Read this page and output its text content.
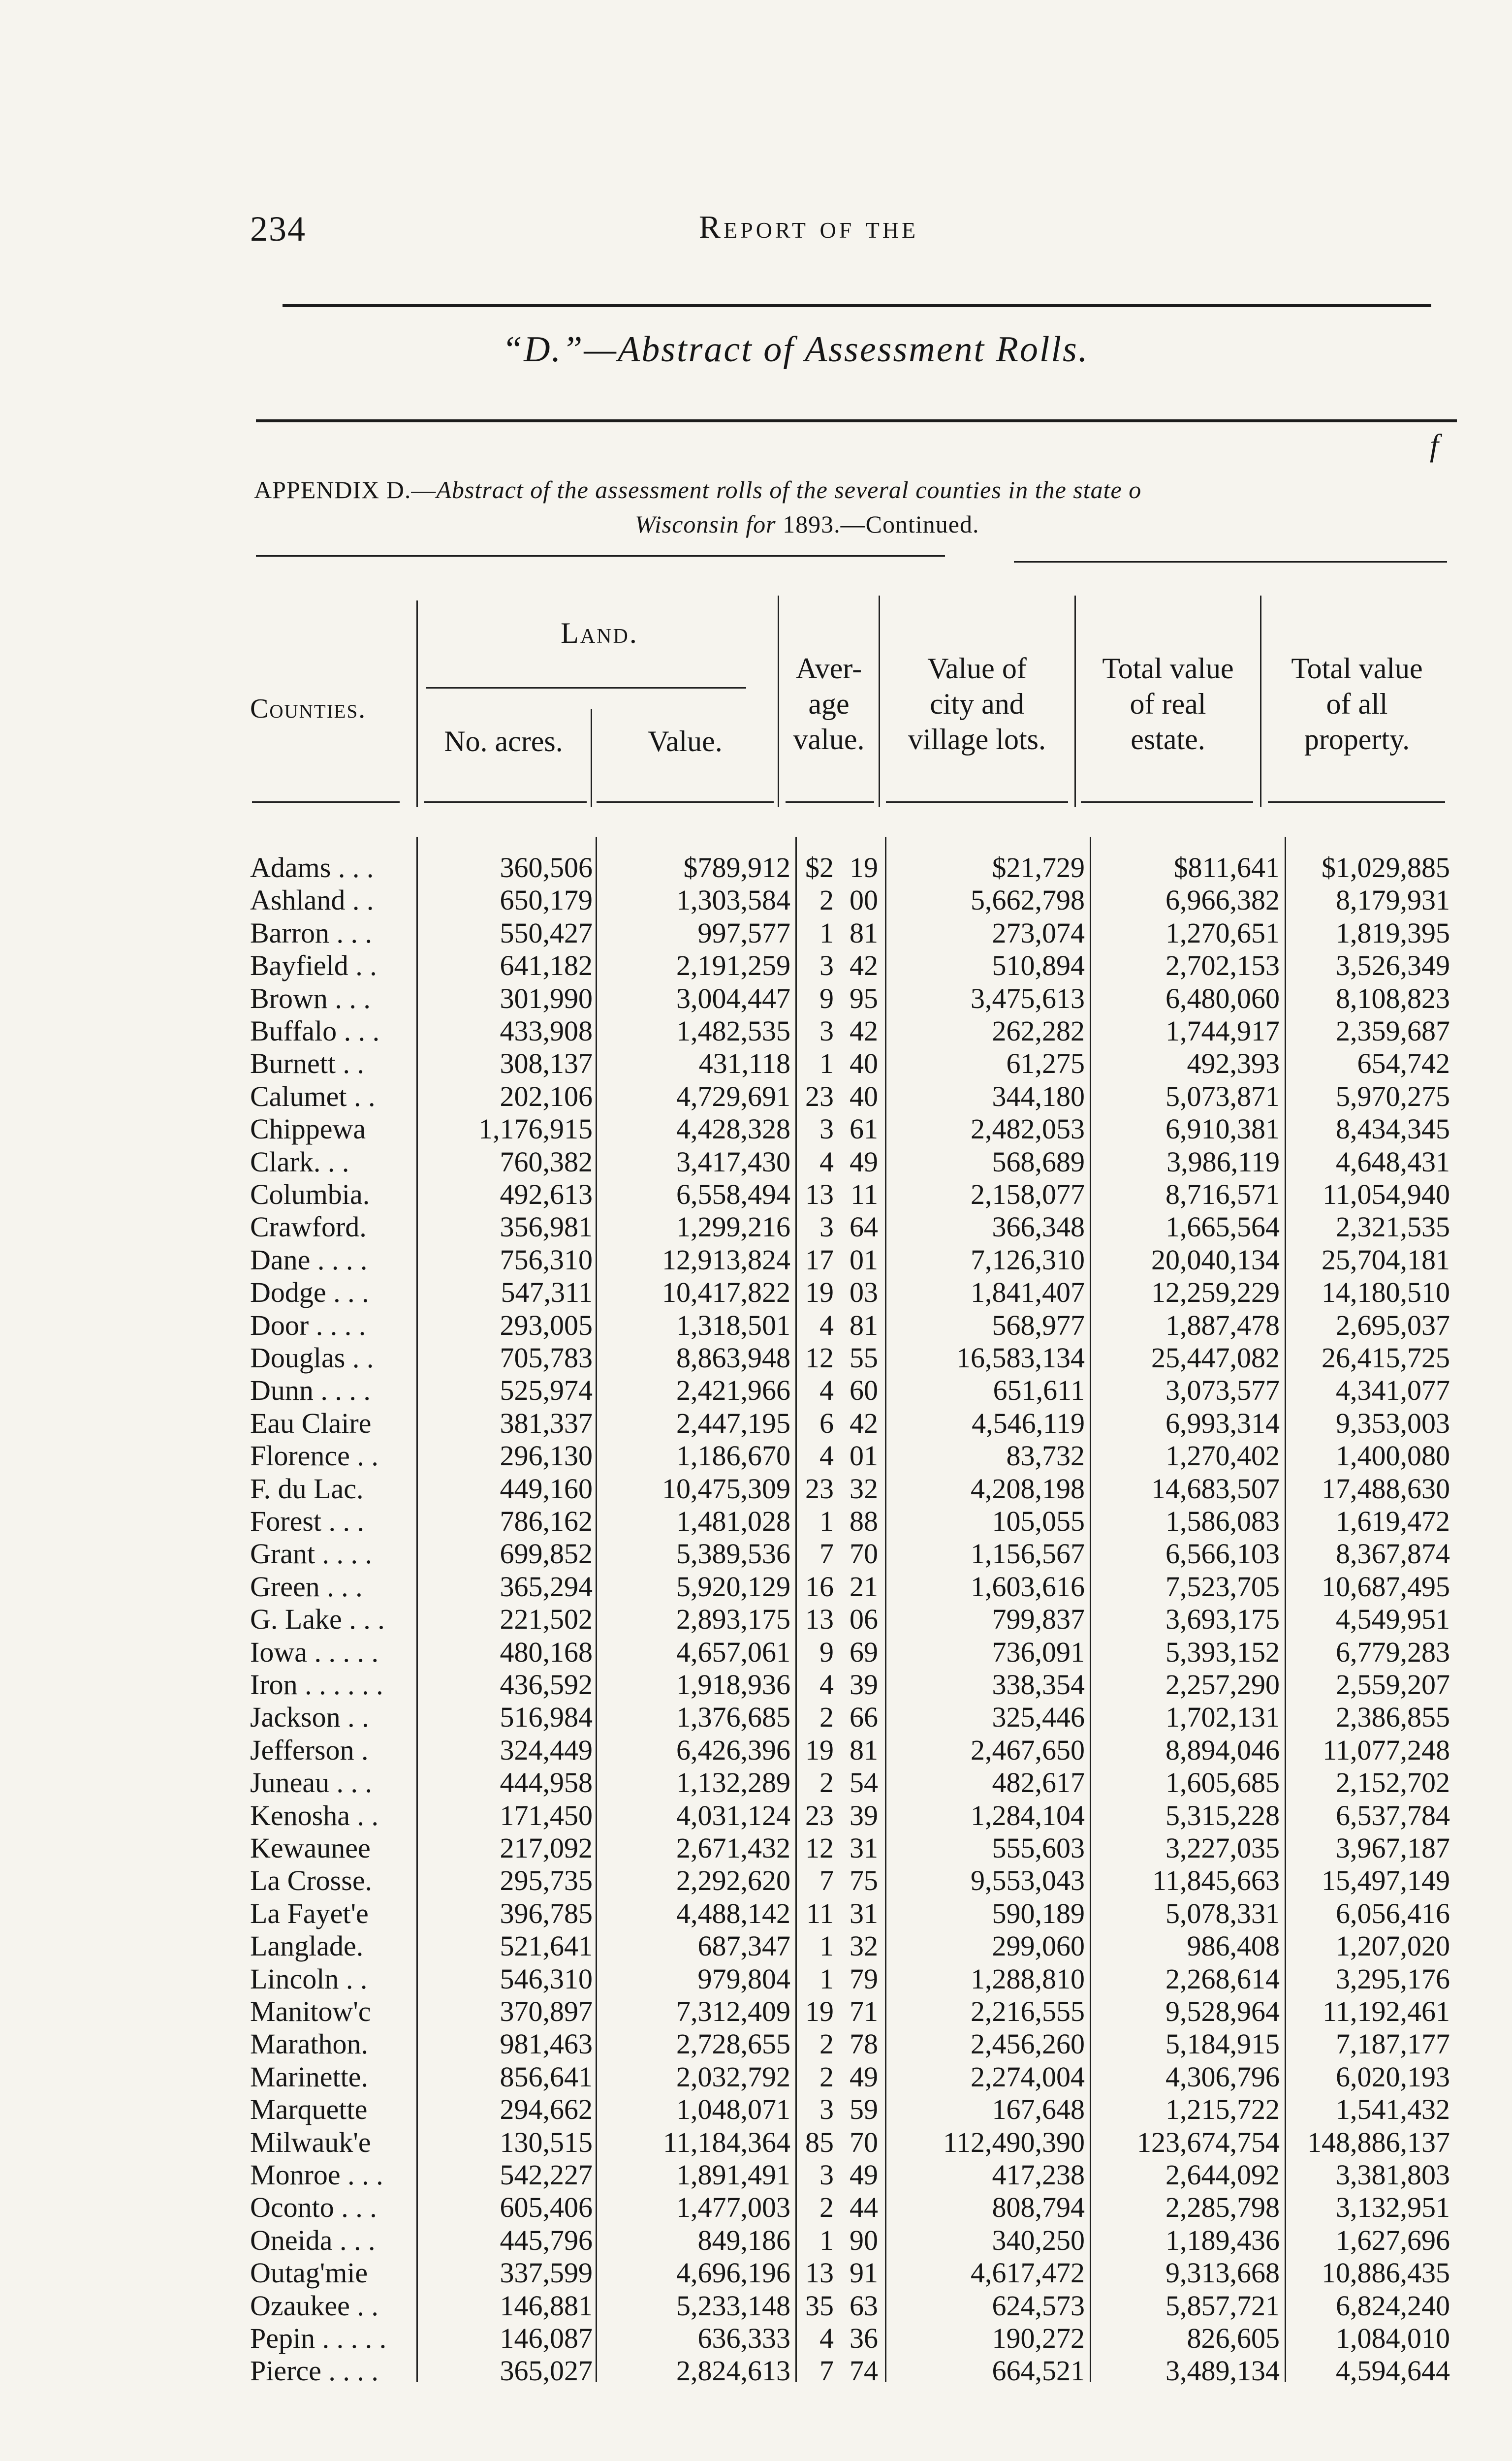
234	Report of the
“D.”—Abstract of Assessment Rolls.
f
APPENDIX D.—Abstract of the assessment rolls of the several counties in the state o
Wisconsin for 1893.—Continued.
Land.
Counties.
No. acres.	Value.
Aver-
age
value.
Value of
city and
village lots.
Total value
of real
estate.
Total value
of all
property.
Adams . . .	360,506	$789,912 $2 19	$21,729	$811,641	$1,029,885
Ashland . .	650,179	1,303,584	2 00	5,662,798	6,966,382	8,179,931
Barron . . .	550,427	997,577	1 81	273,074	1,270,651	1,819,395
Bayfield . .	641,182	2,191,259	3 42	510,894	2,702,153	3,526,349
Brown . . .	301,990	3,004,447	9 95	3,475,613	6,480,060	8,108,823
Buffalo . . .	433,908	1,482,535	3 42	262,282	1,744,917	2,359,687
Burnett . .	308,137	431,118	1 40	61,275	492,393	654,742
Calumet . .	202,106	4,729,691 23 40	344,180	5,073,871	5,970,275
Chippewa	1,176,915	4,428,328	3 61	2,482,053	6,910,381	8,434,345
Clark. . .	760,382	3,417,430	4 49	568,689	3,986,119	4,648,431
Columbia.	492,613	6,558,494 13 11	2,158,077	8,716,571	11,054,940
Crawford.	356,981	1,299,216	3 64	366,348	1,665,564	2,321,535
Dane . . . .	756,310	12,913,824 17 01	7,126,310	20,040,134	25,704,181
Dodge . . .	547,311	10,417,822 19 03	1,841,407	12,259,229	14,180,510
Door . . . .	293,005	1,318,501	4 81	568,977	1,887,478	2,695,037
Douglas . .	705,783	8,863,948 12 55	16,583,134	25,447,082	26,415,725
Dunn . . . .	525,974	2,421,966	4 60	651,611	3,073,577	4,341,077
Eau Claire	381,337	2,447,195	6 42	4,546,119	6,993,314	9,353,003
Florence . .	296,130	1,186,670	4 01	83,732	1,270,402	1,400,080
F. du Lac.	449,160	10,475,309 23 32	4,208,198	14,683,507	17,488,630
Forest . . .	786,162	1,481,028	1 88	105,055	1,586,083	1,619,472
Grant . . . .	699,852	5,389,536	7 70	1,156,567	6,566,103	8,367,874
Green . . .	365,294	5,920,129 16 21	1,603,616	7,523,705	10,687,495
G. Lake . . .	221,502	2,893,175 13 06	799,837	3,693,175	4,549,951
Iowa . . . . .	480,168	4,657,061	9 69	736,091	5,393,152	6,779,283
Iron . . . . . .	436,592	1,918,936	4 39	338,354	2,257,290	2,559,207
Jackson . .	516,984	1,376,685	2 66	325,446	1,702,131	2,386,855
Jefferson .	324,449	6,426,396 19 81	2,467,650	8,894,046	11,077,248
Juneau . . .	444,958	1,132,289	2 54	482,617	1,605,685	2,152,702
Kenosha . .	171,450	4,031,124 23 39	1,284,104	5,315,228	6,537,784
Kewaunee	217,092	2,671,432 12 31	555,603	3,227,035	3,967,187
La Crosse.	295,735	2,292,620	7 75	9,553,043	11,845,663	15,497,149
La Fayet'e	396,785	4,488,142 11 31	590,189	5,078,331	6,056,416
Langlade.	521,641	687,347	1 32	299,060	986,408	1,207,020
Lincoln . .	546,310	979,804	1 79	1,288,810	2,268,614	3,295,176
Manitow'c	370,897	7,312,409 19 71	2,216,555	9,528,964	11,192,461
Marathon.	981,463	2,728,655	2 78	2,456,260	5,184,915	7,187,177
Marinette.	856,641	2,032,792	2 49	2,274,004	4,306,796	6,020,193
Marquette	294,662	1,048,071	3 59	167,648	1,215,722	1,541,432
Milwauk'e	130,515	11,184,364 85 70	112,490,390	123,674,754 148,886,137
Monroe . . .	542,227	1,891,491	3 49	417,238	2,644,092	3,381,803
Oconto . . .	605,406	1,477,003	2 44	808,794	2,285,798	3,132,951
Oneida . . .	445,796	849,186	1 90	340,250	1,189,436	1,627,696
Outag'mie	337,599	4,696,196 13 91	4,617,472	9,313,668	10,886,435
Ozaukee . .	146,881	5,233,148 35 63	624,573	5,857,721	6,824,240
Pepin . . . . .	146,087	636,333	4 36	190,272	826,605	1,084,010
Pierce . . . .	365,027	2,824,613	7 74	664,521	3,489,134	4,594,644
